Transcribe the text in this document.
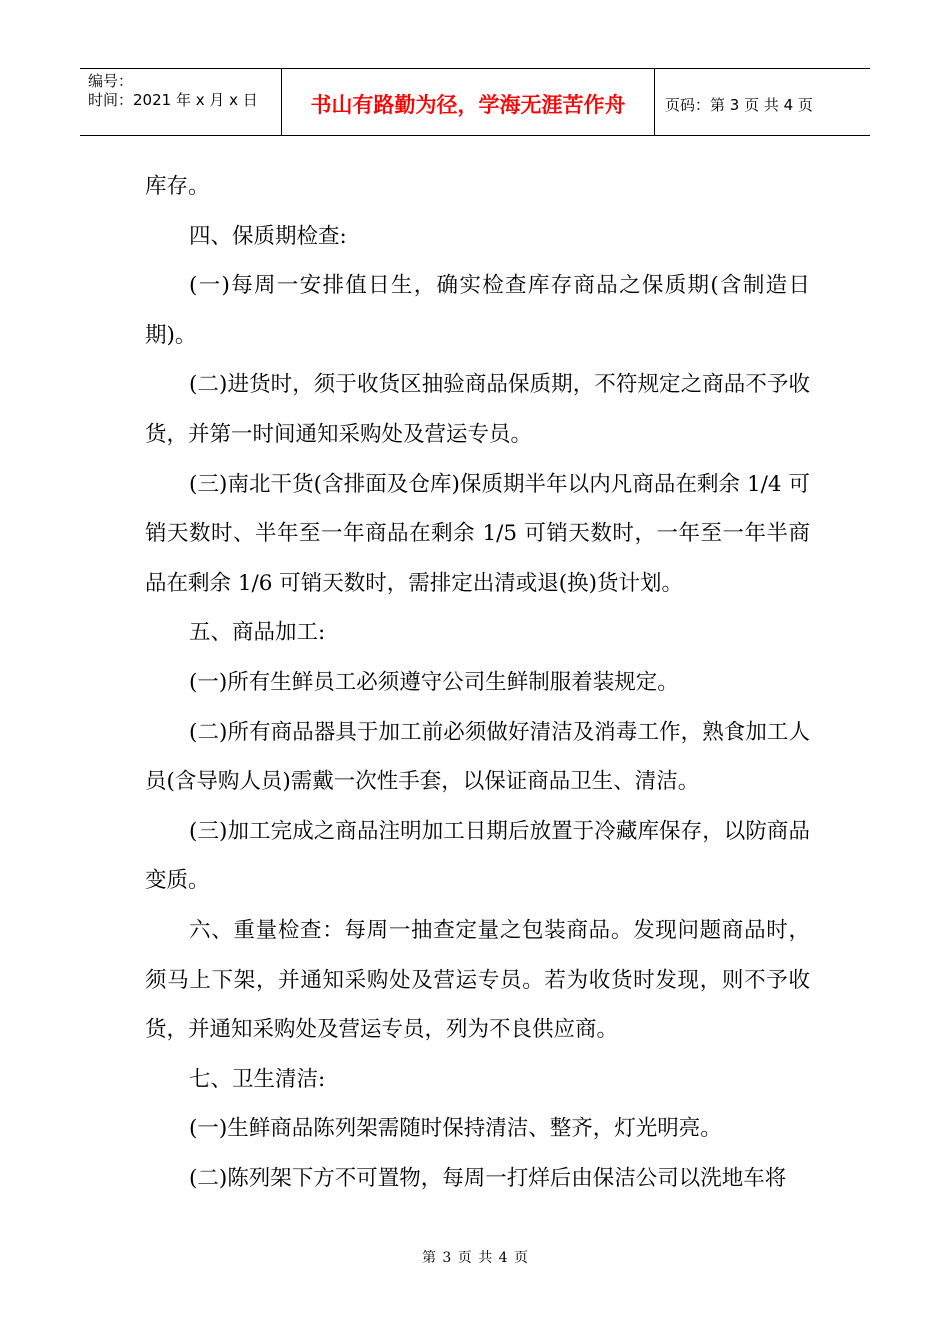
编号：
时间：2021 年 x 月 x 日	书山有路勤为径，学海无涯苦作舟	页码：第 3 页 共 4 页

库存。

四、保质期检查:

(一)每周一安排值日生，确实检查库存商品之保质期(含制造日期)。

(二)进货时，须于收货区抽验商品保质期，不符规定之商品不予收货，并第一时间通知采购处及营运专员。

(三)南北干货(含排面及仓库)保质期半年以内凡商品在剩余 1/4 可销天数时、半年至一年商品在剩余 1/5 可销天数时，一年至一年半商品在剩余 1/6 可销天数时，需排定出清或退(换)货计划。

五、商品加工:

(一)所有生鲜员工必须遵守公司生鲜制服着装规定。

(二)所有商品器具于加工前必须做好清洁及消毒工作，熟食加工人员(含导购人员)需戴一次性手套，以保证商品卫生、清洁。

(三)加工完成之商品注明加工日期后放置于冷藏库保存，以防商品变质。

六、重量检查：每周一抽查定量之包装商品。发现问题商品时，须马上下架，并通知采购处及营运专员。若为收货时发现，则不予收货，并通知采购处及营运专员，列为不良供应商。

七、卫生清洁:

(一)生鲜商品陈列架需随时保持清洁、整齐，灯光明亮。

(二)陈列架下方不可置物，每周一打烊后由保洁公司以洗地车将

第 3 页 共 4 页
